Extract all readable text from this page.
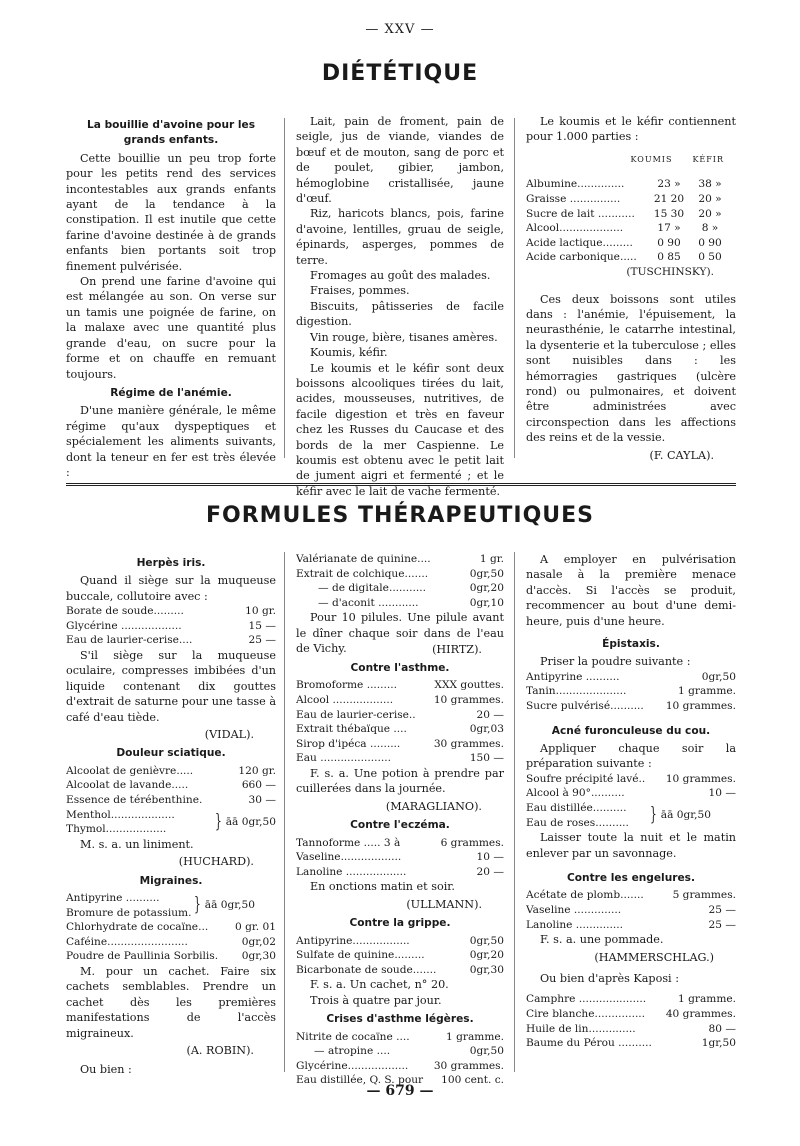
— XXV —
DIÉTÉTIQUE
La bouillie d'avoine pour les grands enfants.

Cette bouillie un peu trop forte pour les petits rend des services incontestables aux grands enfants ayant de la tendance à la constipation. Il est inutile que cette farine d'avoine destinée à de grands enfants bien portants soit trop finement pulvérisée.

On prend une farine d'avoine qui est mélangée au son. On verse sur un tamis une poignée de farine, on la malaxe avec une quantité plus grande d'eau, on sucre pour la forme et on chauffe en remuant toujours.

Régime de l'anémie.

D'une manière générale, le même régime qu'aux dyspeptiques et spécialement les aliments suivants, dont la teneur en fer est très élevée :

Lait, pain de froment, pain de seigle, jus de viande, viandes de bœuf et de mouton, sang de porc et de poulet, gibier, jambon, hémoglobine cristallisée, jaune d'œuf.

Riz, haricots blancs, pois, farine d'avoine, lentilles, gruau de seigle, épinards, asperges, pommes de terre.

Fromages au goût des malades.

Fraises, pommes.

Biscuits, pâtisseries de facile digestion.

Vin rouge, bière, tisanes amères.

Koumis, kéfir.

Le koumis et le kéfir sont deux boissons alcooliques tirées du lait, acides, mousseuses, nutritives, de facile digestion et très en faveur chez les Russes du Caucase et des bords de la mer Caspienne. Le koumis est obtenu avec le petit lait de jument aigri et fermenté ; et le kéfir avec le lait de vache fermenté.

Le koumis et le kéfir contiennent pour 1.000 parties :

KOUMIS	KÉFIR
Albumine..............	23 »	38 »
Graisse ...............	21 20	20 »
Sucre de lait ...........	15 30	20 »
Alcool...................	17 »	8 »
Acide lactique.........	0 90	0 90
Acide carbonique.....	0 85	0 50
(TUSCHINSKY).

Ces deux boissons sont utiles dans : l'anémie, l'épuisement, la neurasthénie, le catarrhe intestinal, la dysenterie et la tuberculose ; elles sont nuisibles dans : les hémorragies gastriques (ulcère rond) ou pulmonaires, et doivent être administrées avec circonspection dans les affections des reins et de la vessie.

(F. CAYLA).
FORMULES THÉRAPEUTIQUES
Herpès iris.

Quand il siège sur la muqueuse buccale, collutoire avec :

Borate de soude.........	10 gr.
Glycérine ..................	15 —
Eau de laurier-cerise....	25 —

S'il siège sur la muqueuse oculaire, compresses imbibées d'un liquide contenant dix gouttes d'extrait de saturne pour une tasse à café d'eau tiède.

(VIDAL).
Douleur sciatique.
Alcoolat de genièvre.....	120 gr.
Alcoolat de lavande.....	660 —
Essence de térébenthine.	30 —
Menthol...................
Thymol..................	} āā 0gr,50

M. s. a. un liniment.

(HUCHARD).
Migraines.
Antipyrine ..........
Bromure de potassium. } āā 0gr,50
Chlorhydrate de cocaïne...	0 gr. 01
Caféine........................	0gr,02
Poudre de Paullinia Sorbilis.	0gr,30

M. pour un cachet. Faire six cachets semblables. Prendre un cachet dès les premières manifestations de l'accès migraineux.

(A. ROBIN).

Ou bien :

Valérianate de quinine....	1 gr.
Extrait de colchique.......	0gr,50
— de digitale...........	0gr,20
— d'aconit ............	0gr,10

Pour 10 pilules. Une pilule avant le dîner chaque soir dans de l'eau de Vichy.	(HIRTZ).
Contre l'asthme.
Bromoforme .........	XXX gouttes.
Alcool ..................	10 grammes.
Eau de laurier-cerise..	20 —
Extrait thébaïque ....	0gr,03
Sirop d'ipéca .........	30 grammes.
Eau .....................	150 —

F. s. a. Une potion à prendre par cuillerées dans la journée.

(MARAGLIANO).
Contre l'eczéma.
Tannoforme ..... 3 à	6 grammes.
Vaseline..................	10 —
Lanoline ..................	20 —

En onctions matin et soir.

(ULLMANN).
Contre la grippe.
Antipyrine.................	0gr,50
Sulfate de quinine.........	0gr,20
Bicarbonate de soude.......	0gr,30

F. s. a. Un cachet, n° 20.

Trois à quatre par jour.

Crises d'asthme légères.
Nitrite de cocaïne ....	1 gramme.
— atropine ....	0gr,50
Glycérine..................	30 grammes.
Eau distillée, Q. S. pour	100 cent. c.

A employer en pulvérisation nasale à la première menace d'accès. Si l'accès se produit, recommencer au bout d'une demi-heure, puis d'une heure.

Épistaxis.

Priser la poudre suivante :

Antipyrine ..........	0gr,50
Tanin.....................	1 gramme.
Sucre pulvérisé..........	10 grammes.
Acné furonculeuse du cou.

Appliquer chaque soir la préparation suivante :

Soufre précipité lavé..	10 grammes.
Alcool à 90°..........	10 —
Eau distillée..........
Eau de roses..........	} āā 0gr,50

Laisser toute la nuit et le matin enlever par un savonnage.

Contre les engelures.
Acétate de plomb.......	5 grammes.
Vaseline ..............	25 —
Lanoline ..............	25 —

F. s. a. une pommade.

(HAMMERSCHLAG.)

Ou bien d'après Kaposi :

Camphre ....................	1 gramme.
Cire blanche...............	40 grammes.
Huile de lin..............	80 —
Baume du Pérou ..........	1gr,50
— 679 —
